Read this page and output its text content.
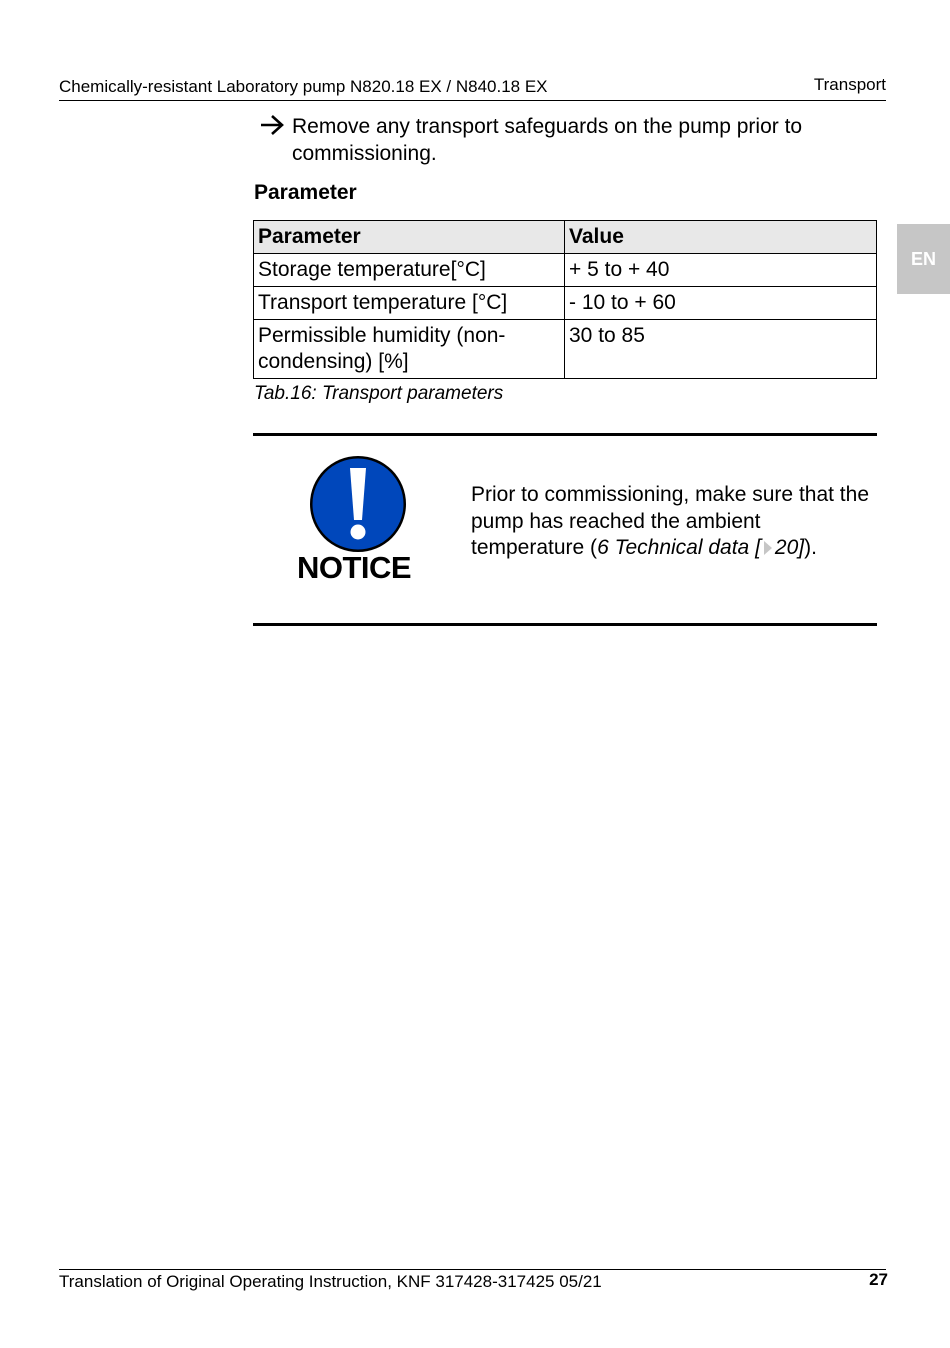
Chemically-resistant Laboratory pump N820.18 EX / N840.18 EX	Transport
EN
Remove any transport safeguards on the pump prior to commissioning.
Parameter
Parameter	Value
Storage temperature[°C]	+ 5 to + 40
Transport temperature [°C]	- 10 to + 60
Permissible humidity (non-condensing) [%]	30 to 85
Tab.16: Transport parameters
NOTICE
Prior to commissioning, make sure that the pump has reached the ambient temperature (6 Technical data [ 20]).
Translation of Original Operating Instruction, KNF 317428-317425 05/21	27
